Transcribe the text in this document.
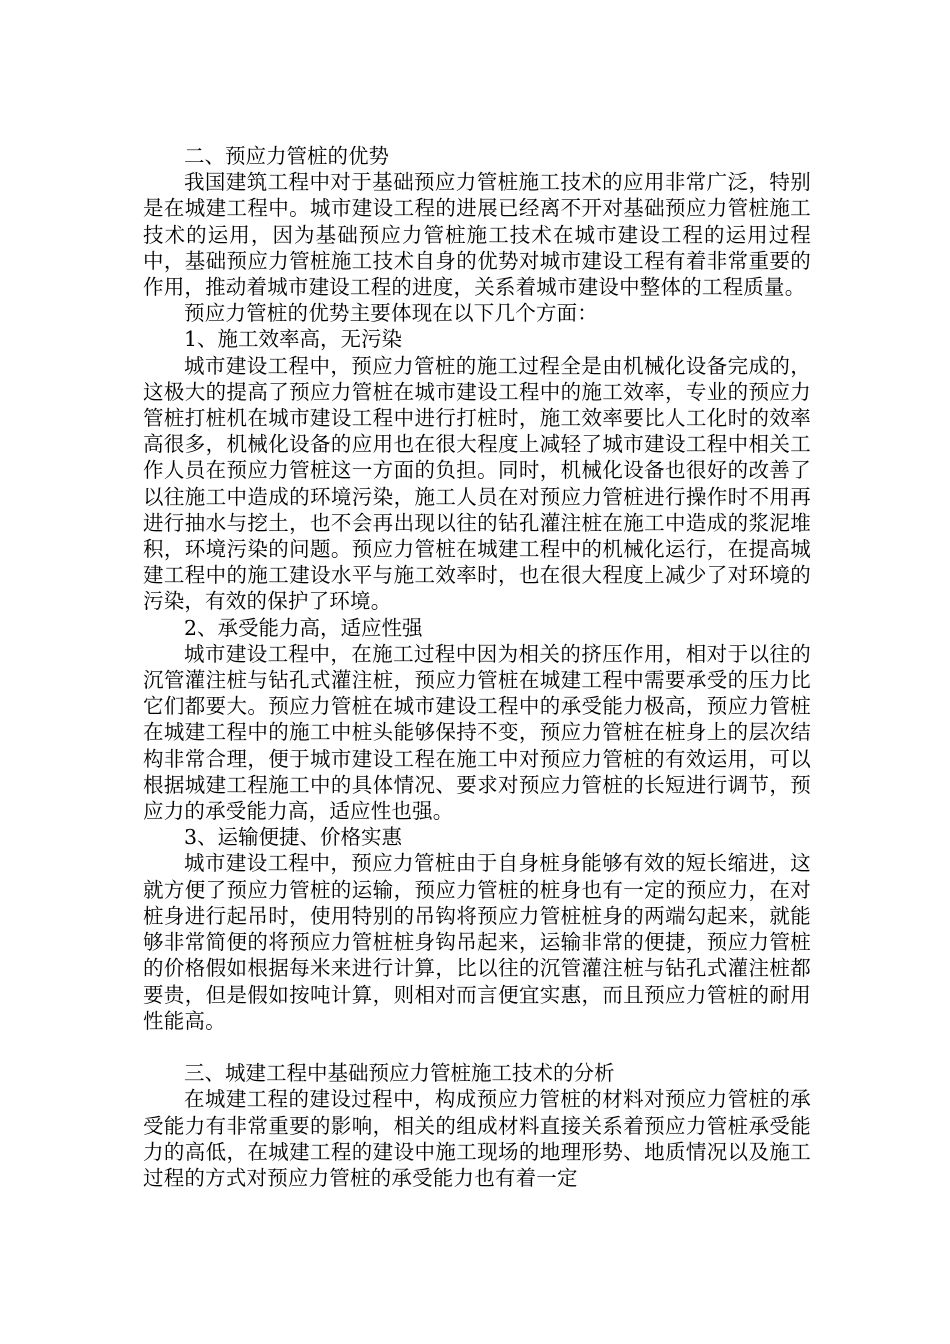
二、预应力管桩的优势

我国建筑工程中对于基础预应力管桩施工技术的应用非常广泛，特别是在城建工程中。城市建设工程的进展已经离不开对基础预应力管桩施工技术的运用，因为基础预应力管桩施工技术在城市建设工程的运用过程中，基础预应力管桩施工技术自身的优势对城市建设工程有着非常重要的作用，推动着城市建设工程的进度，关系着城市建设中整体的工程质量。

预应力管桩的优势主要体现在以下几个方面：

1、施工效率高，无污染

城市建设工程中，预应力管桩的施工过程全是由机械化设备完成的，这极大的提高了预应力管桩在城市建设工程中的施工效率，专业的预应力管桩打桩机在城市建设工程中进行打桩时，施工效率要比人工化时的效率高很多，机械化设备的应用也在很大程度上减轻了城市建设工程中相关工作人员在预应力管桩这一方面的负担。同时，机械化设备也很好的改善了以往施工中造成的环境污染，施工人员在对预应力管桩进行操作时不用再进行抽水与挖土，也不会再出现以往的钻孔灌注桩在施工中造成的浆泥堆积，环境污染的问题。预应力管桩在城建工程中的机械化运行，在提高城建工程中的施工建设水平与施工效率时，也在很大程度上减少了对环境的污染，有效的保护了环境。

2、承受能力高，适应性强

城市建设工程中，在施工过程中因为相关的挤压作用，相对于以往的沉管灌注桩与钻孔式灌注桩，预应力管桩在城建工程中需要承受的压力比它们都要大。预应力管桩在城市建设工程中的承受能力极高，预应力管桩在城建工程中的施工中桩头能够保持不变，预应力管桩在桩身上的层次结构非常合理，便于城市建设工程在施工中对预应力管桩的有效运用，可以根据城建工程施工中的具体情况、要求对预应力管桩的长短进行调节，预应力的承受能力高，适应性也强。

3、运输便捷、价格实惠

城市建设工程中，预应力管桩由于自身桩身能够有效的短长缩进，这就方便了预应力管桩的运输，预应力管桩的桩身也有一定的预应力，在对桩身进行起吊时，使用特别的吊钩将预应力管桩桩身的两端勾起来，就能够非常简便的将预应力管桩桩身钩吊起来，运输非常的便捷，预应力管桩的价格假如根据每米来进行计算，比以往的沉管灌注桩与钻孔式灌注桩都要贵，但是假如按吨计算，则相对而言便宜实惠，而且预应力管桩的耐用性能高。

三、城建工程中基础预应力管桩施工技术的分析

在城建工程的建设过程中，构成预应力管桩的材料对预应力管桩的承受能力有非常重要的影响，相关的组成材料直接关系着预应力管桩承受能力的高低，在城建工程的建设中施工现场的地理形势、地质情况以及施工过程的方式对预应力管桩的承受能力也有着一定
